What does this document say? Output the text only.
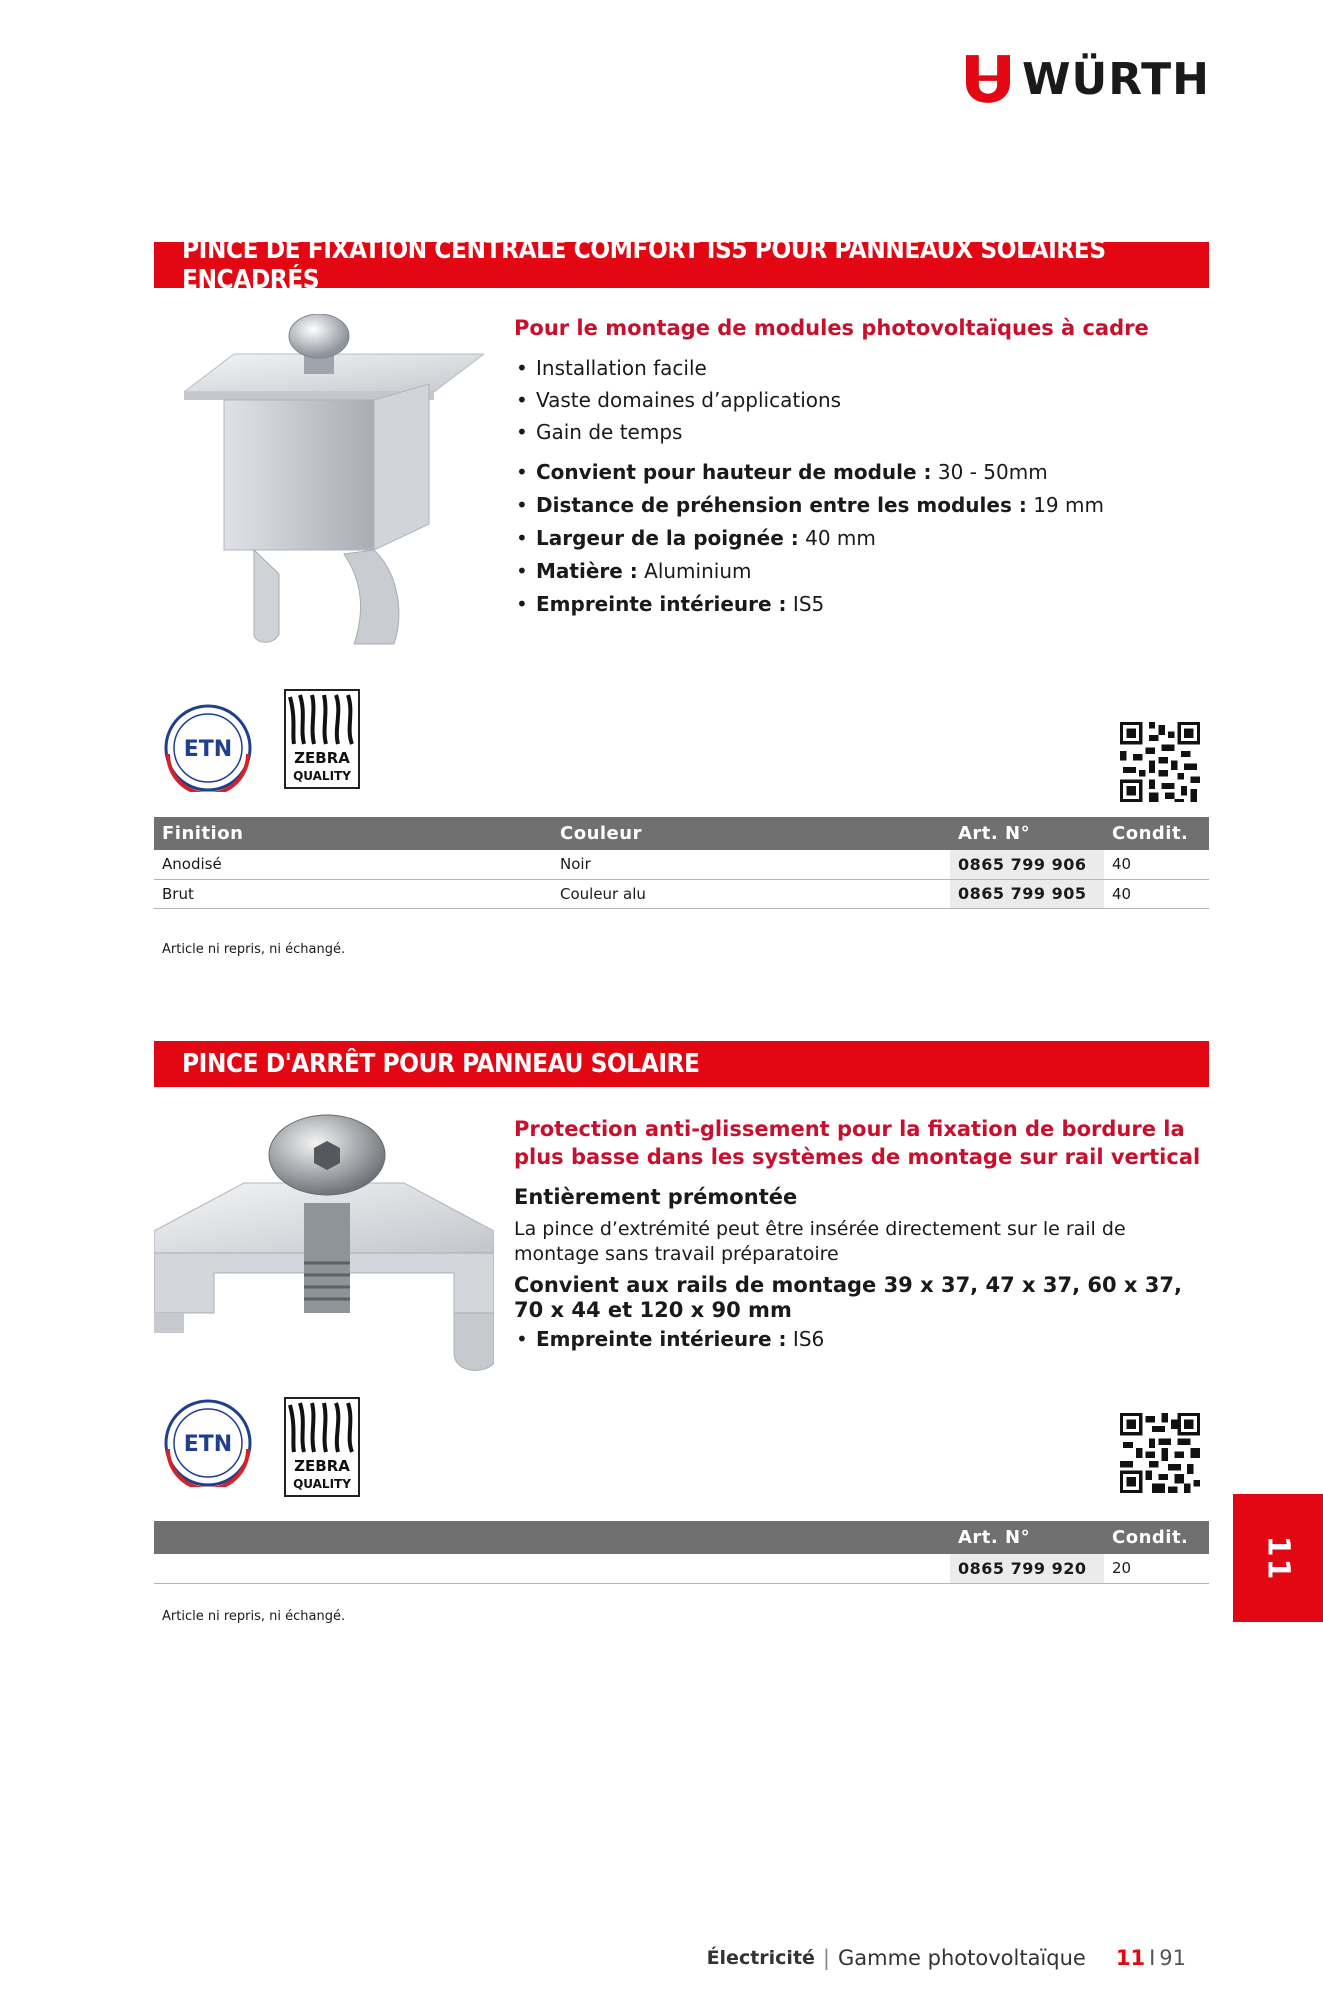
WÜRTH
PINCE DE FIXATION CENTRALE COMFORT IS5 POUR PANNEAUX SOLAIRES ENCADRÉS
Pour le montage de modules photovoltaïques à cadre
• Installation facile
• Vaste domaines d’applications
• Gain de temps
• Convient pour hauteur de module : 30 - 50mm
• Distance de préhension entre les modules : 19 mm
• Largeur de la poignée : 40 mm
• Matière : Aluminium
• Empreinte intérieure : IS5
ETN	ZEBRA
QUALITY
Finition	Couleur	Art. N°	Condit.
Anodisé	Noir	0865 799 906	40
Brut	Couleur alu	0865 799 905	40
Article ni repris, ni échangé.
PINCE D'ARRÊT POUR PANNEAU SOLAIRE
Protection anti-glissement pour la fixation de bordure la plus basse dans les systèmes de montage sur rail vertical
Entièrement prémontée
La pince d’extrémité peut être insérée directement sur le rail de montage sans travail préparatoire
Convient aux rails de montage 39 x 37, 47 x 37, 60 x 37, 70 x 44 et 120 x 90 mm
• Empreinte intérieure : IS6
ETN
ZEBRA
QUALITY
		Art. N°	Condit.
		0865 799 920	20
Article ni repris, ni échangé.
11
Électricité | Gamme photovoltaïque 11 I 91
